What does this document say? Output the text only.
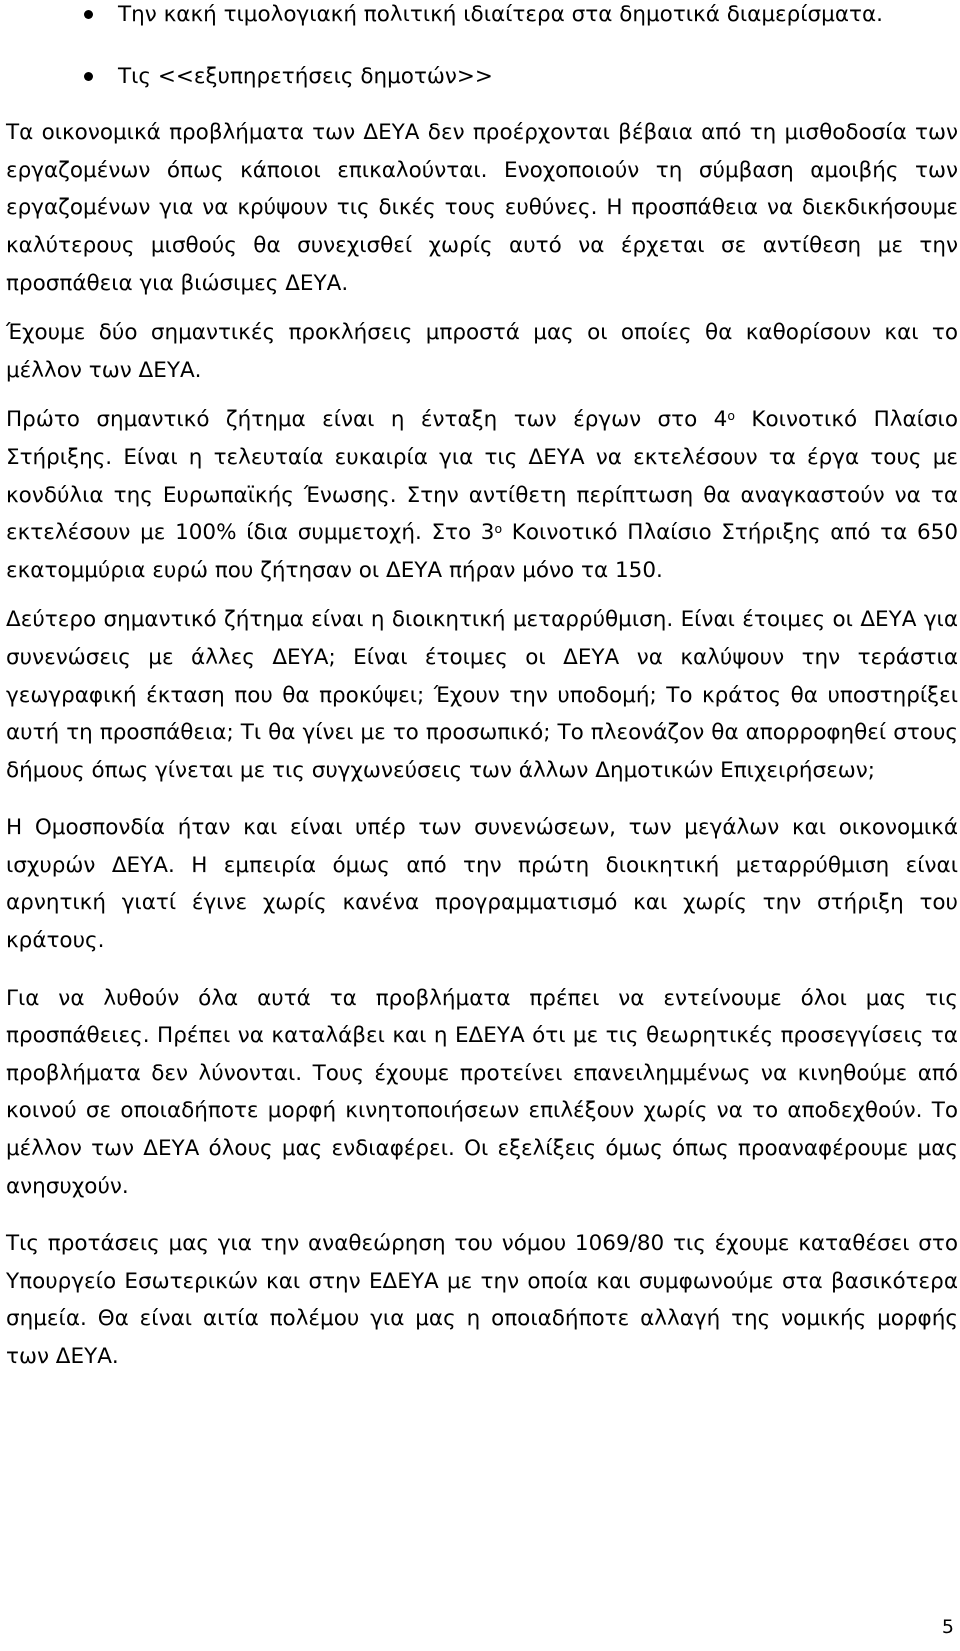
Την κακή τιμολογιακή πολιτική ιδιαίτερα στα δημοτικά διαμερίσματα.
Τις <<εξυπηρετήσεις δημοτών>>

Τα οικονομικά προβλήματα των ΔΕΥΑ δεν προέρχονται βέβαια από τη μισθοδοσία των εργαζομένων όπως κάποιοι επικαλούνται. Ενοχοποιούν τη σύμβαση αμοιβής των εργαζομένων για να κρύψουν τις δικές τους ευθύνες. Η προσπάθεια να διεκδικήσουμε καλύτερους μισθούς θα συνεχισθεί χωρίς αυτό να έρχεται σε αντίθεση με την προσπάθεια για βιώσιμες ΔΕΥΑ.

Έχουμε δύο σημαντικές προκλήσεις μπροστά μας οι οποίες θα καθορίσουν και το μέλλον των ΔΕΥΑ.

Πρώτο σημαντικό ζήτημα είναι η ένταξη των έργων στο $4^o$ Κοινοτικό Πλαίσιο Στήριξης. Είναι η τελευταία ευκαιρία για τις ΔΕΥΑ να εκτελέσουν τα έργα τους με κονδύλια της Ευρωπαϊκής Ένωσης. Στην αντίθετη περίπτωση θα αναγκαστούν να τα εκτελέσουν με 100% ίδια συμμετοχή. Στο $3^o$ Κοινοτικό Πλαίσιο Στήριξης από τα 650 εκατομμύρια ευρώ που ζήτησαν οι ΔΕΥΑ πήραν μόνο τα 150.

Δεύτερο σημαντικό ζήτημα είναι η διοικητική μεταρρύθμιση. Είναι έτοιμες οι ΔΕΥΑ για συνενώσεις με άλλες ΔΕΥΑ; Είναι έτοιμες οι ΔΕΥΑ να καλύψουν την τεράστια γεωγραφική έκταση που θα προκύψει; Έχουν την υποδομή; Το κράτος θα υποστηρίξει αυτή τη προσπάθεια; Τι θα γίνει με το προσωπικό; Το πλεονάζον θα απορροφηθεί στους δήμους όπως γίνεται με τις συγχωνεύσεις των άλλων Δημοτικών Επιχειρήσεων;

Η Ομοσπονδία ήταν και είναι υπέρ των συνενώσεων, των μεγάλων και οικονομικά ισχυρών ΔΕΥΑ. Η εμπειρία όμως από την πρώτη διοικητική μεταρρύθμιση είναι αρνητική γιατί έγινε χωρίς κανένα προγραμματισμό και χωρίς την στήριξη του κράτους.

Για να λυθούν όλα αυτά τα προβλήματα πρέπει να εντείνουμε όλοι μας τις προσπάθειες. Πρέπει να καταλάβει και η ΕΔΕΥΑ ότι με τις θεωρητικές προσεγγίσεις τα προβλήματα δεν λύνονται. Τους έχουμε προτείνει επανειλημμένως να κινηθούμε από κοινού σε οποιαδήποτε μορφή κινητοποιήσεων επιλέξουν χωρίς να το αποδεχθούν. Το μέλλον των ΔΕΥΑ όλους μας ενδιαφέρει. Οι εξελίξεις όμως όπως προαναφέρουμε μας ανησυχούν.

Τις προτάσεις μας για την αναθεώρηση του νόμου 1069/80 τις έχουμε καταθέσει στο Υπουργείο Εσωτερικών και στην ΕΔΕΥΑ με την οποία και συμφωνούμε στα βασικότερα σημεία. Θα είναι αιτία πολέμου για μας η οποιαδήποτε αλλαγή της νομικής μορφής των ΔΕΥΑ.

5
